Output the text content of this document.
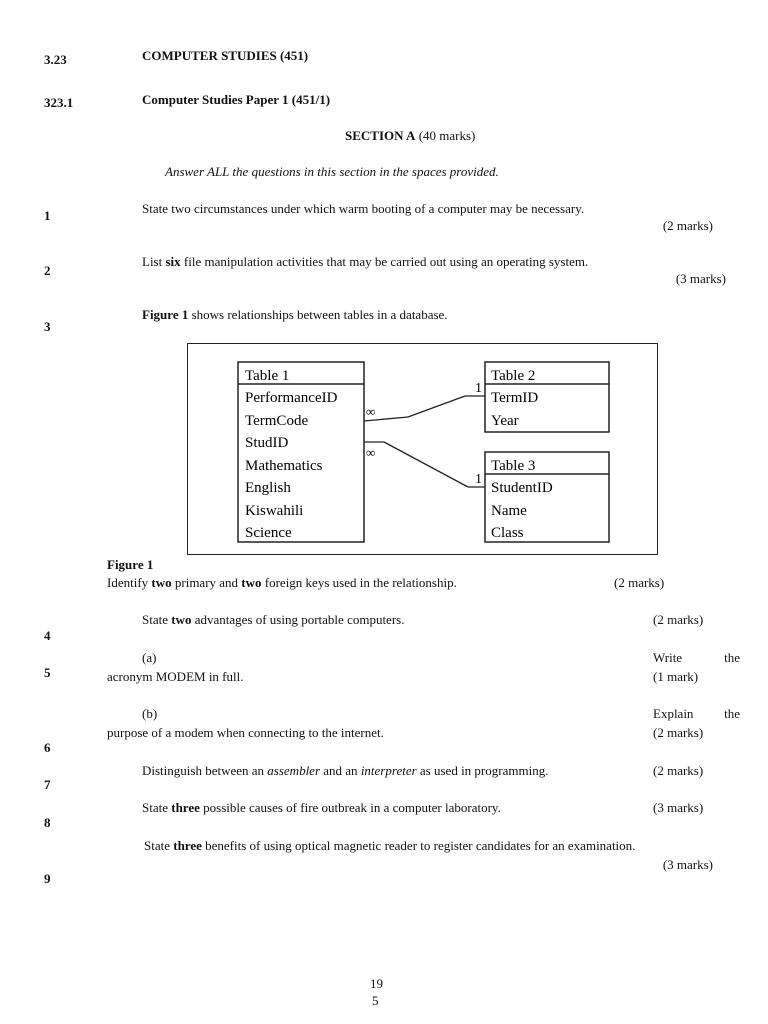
3.23	COMPUTER STUDIES (451)
323.1	Computer Studies Paper 1 (451/1)
SECTION A (40 marks)
Answer ALL the questions in this section in the spaces provided.
1
2
3
4
5
6
7
8
9
State two circumstances under which warm booting of a computer may be necessary.
(2 marks)
List six file manipulation activities that may be carried out using an operating system.
(3 marks)
Figure 1 shows relationships between tables in a database.
Table 1
PerformanceID
TermCode
StudID
Mathematics
English
Kiswahili
Science
Table 2
TermID
Year
Table 3
StudentID
Name
Class
∞
1
∞
1
Figure 1
Identify two primary and two foreign keys used in the relationship.	(2 marks)
State two advantages of using portable computers.	(2 marks)
(a)	Write	the
acronym MODEM in full.	(1 mark)
(b)	Explain the
purpose of a modem when connecting to the internet.	(2 marks)
Distinguish between an assembler and an interpreter as used in programming.	(2 marks)
State three possible causes of fire outbreak in a computer laboratory.	(3 marks)
State three benefits of using optical magnetic reader to register candidates for an examination.
(3 marks)
19
5
